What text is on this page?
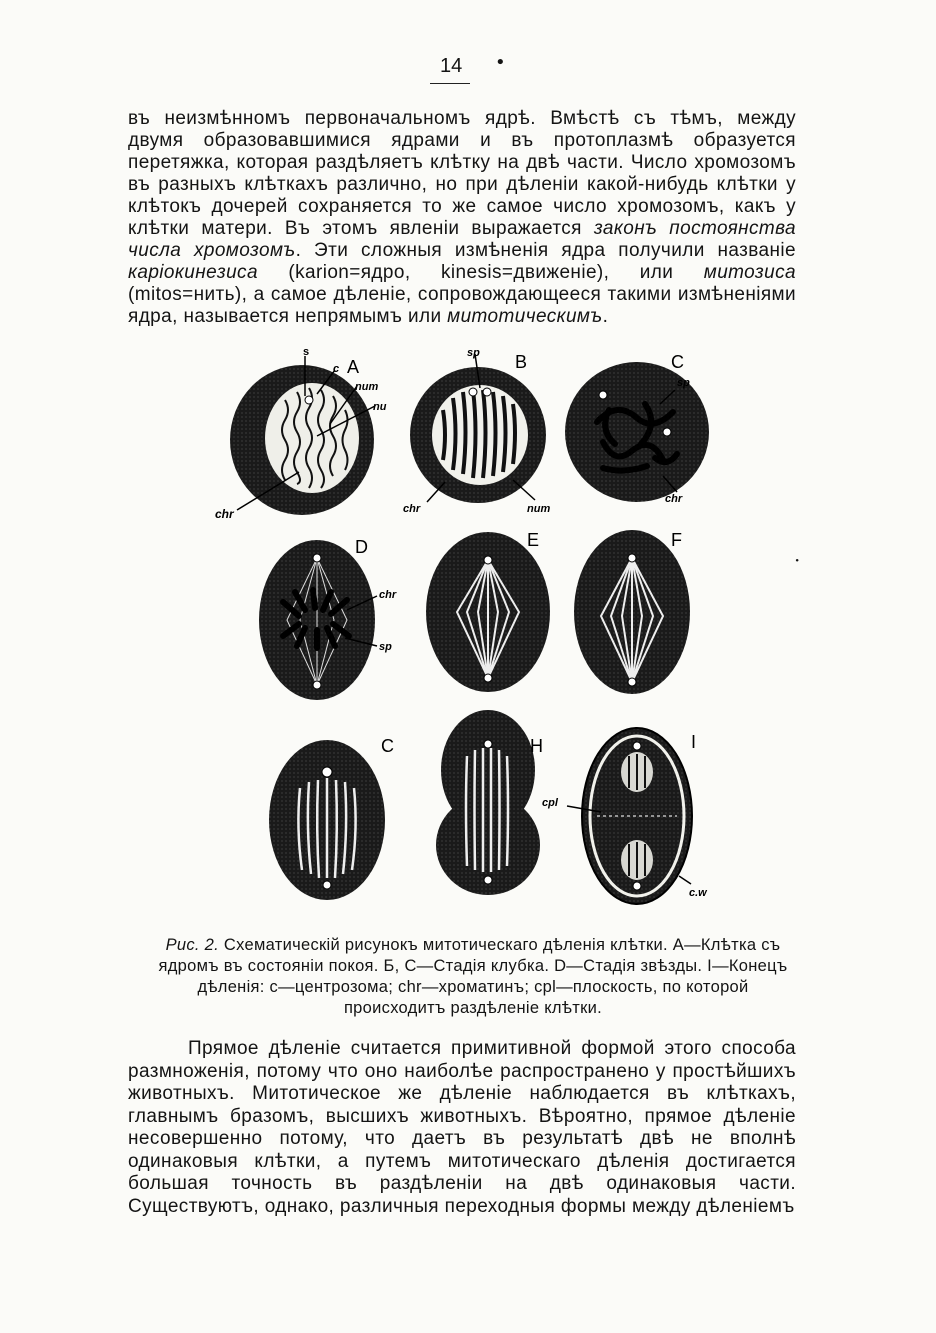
14 •

въ неизмѣнномъ первоначальномъ ядрѣ. Вмѣстѣ съ тѣмъ, между двумя образовавшимися ядрами и въ протоплазмѣ образуется перетяжка, которая раздѣляетъ клѣтку на двѣ части. Число хромозомъ въ разныхъ клѣткахъ различно, но при дѣленіи какой-нибудь клѣтки у клѣтокъ дочерей сохраняется то же самое число хромозомъ, какъ у клѣтки матери. Въ этомъ явленіи выражается законъ постоянства числа хромозомъ. Эти сложныя измѣненія ядра получили названіе каріокинезиса (karion=ядро, kinesis=движеніе), или митозиса (mitos=нить), а самое дѣленіе, сопровождающееся такими измѣненіями ядра, называется непрямымъ или митотическимъ.

s
c A
num
nu
chr
sp B
chr	num
C
sp
chr
D
chr
sp
E	F
C	H	I
cpl
c.w
·
Рис. 2. Схематическій рисунокъ митотическаго дѣленія клѣтки. А—Клѣтка съ ядромъ въ состояніи покоя. Б, С—Стадія клубка. D—Стадія звѣзды. I—Конецъ дѣленія: с—центрозома; chr—хроматинъ; cpl—плоскость, по которой происходитъ раздѣленіе клѣтки.

Прямое дѣленіе считается примитивной формой этого способа размноженія, потому что оно наиболѣе распространено у простѣйшихъ животныхъ. Митотическое же дѣленіе наблюдается въ клѣткахъ, главнымъ бразомъ, высшихъ животныхъ. Вѣроятно, прямое дѣленіе несовершенно потому, что даетъ въ результатѣ двѣ не вполнѣ одинаковыя клѣтки, а путемъ митотическаго дѣленія достигается большая точность въ раздѣленіи на двѣ одинаковыя части. Существуютъ, однако, различныя переходныя формы между дѣленіемъ
